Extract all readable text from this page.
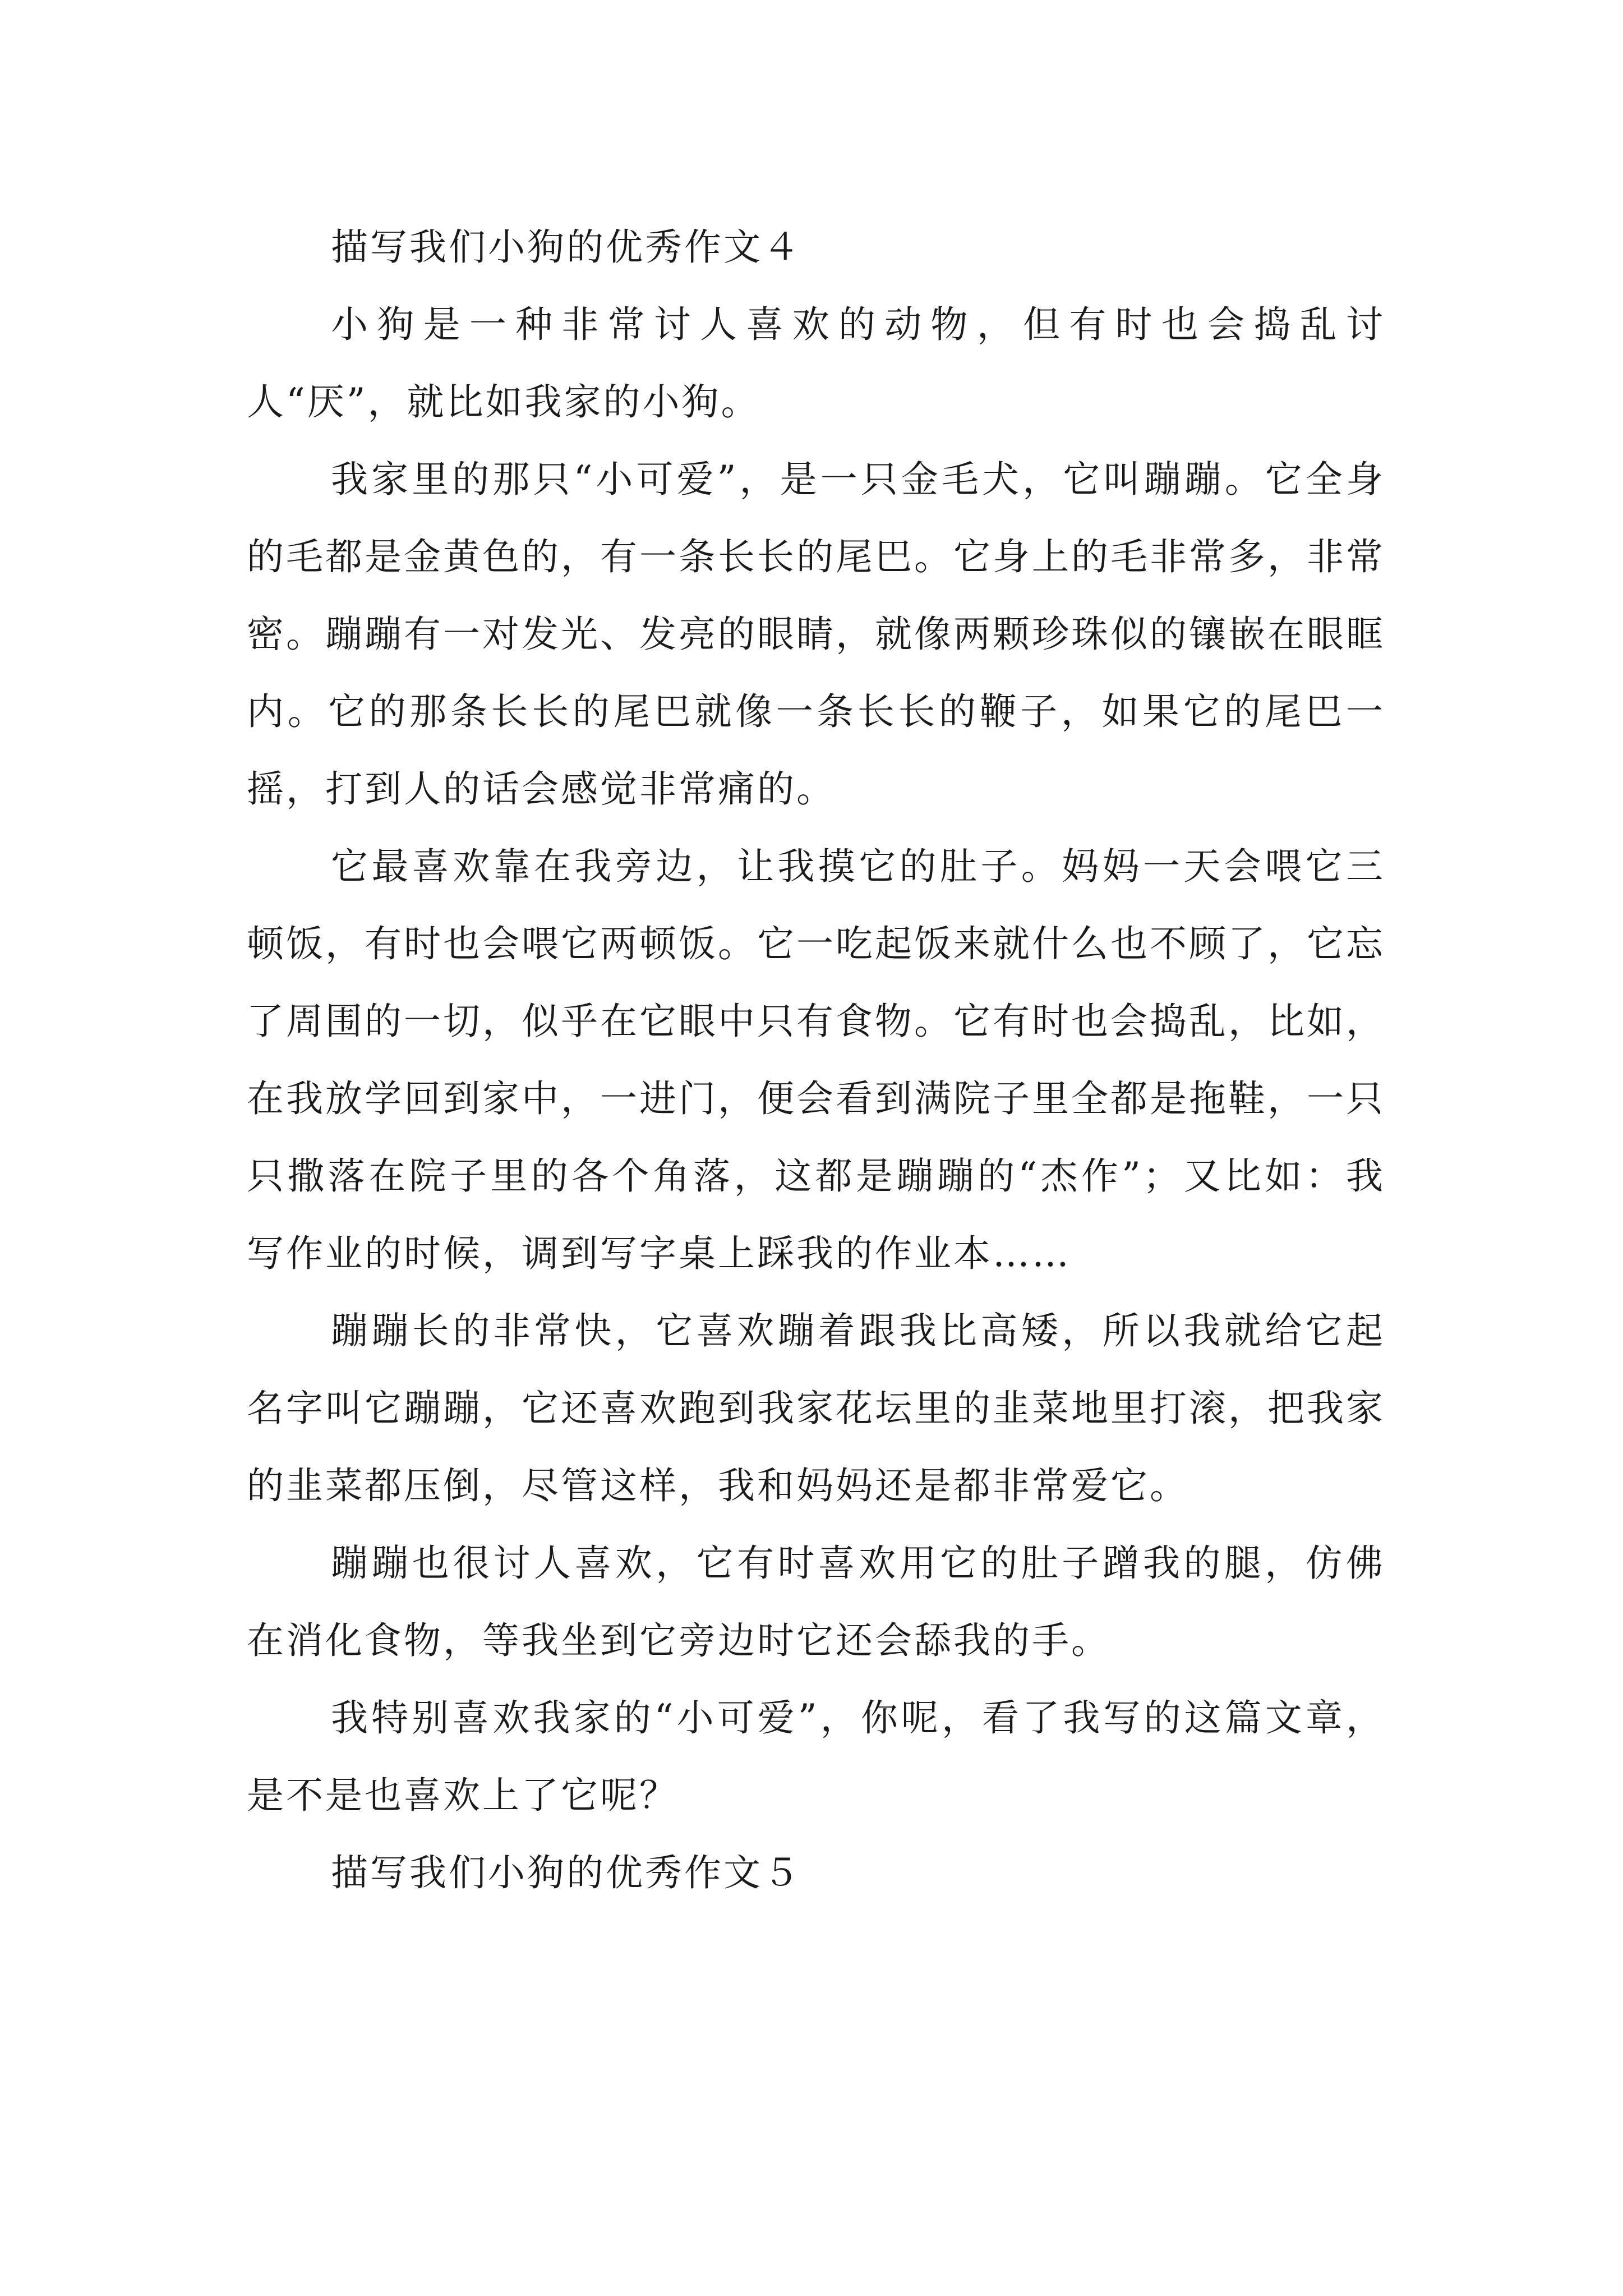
描写我们小狗的优秀作文４

小狗是一种非常讨人喜欢的动物，但有时也会捣乱讨人“厌”，就比如我家的小狗。

我家里的那只“小可爱”，是一只金毛犬，它叫蹦蹦。它全身的毛都是金黄色的，有一条长长的尾巴。它身上的毛非常多，非常密。蹦蹦有一对发光、发亮的眼睛，就像两颗珍珠似的镶嵌在眼眶内。它的那条长长的尾巴就像一条长长的鞭子，如果它的尾巴一摇，打到人的话会感觉非常痛的。

它最喜欢靠在我旁边，让我摸它的肚子。妈妈一天会喂它三顿饭，有时也会喂它两顿饭。它一吃起饭来就什么也不顾了，它忘了周围的一切，似乎在它眼中只有食物。它有时也会捣乱，比如，在我放学回到家中，一进门，便会看到满院子里全都是拖鞋，一只只撒落在院子里的各个角落，这都是蹦蹦的“杰作”；又比如：我写作业的时候，调到写字桌上踩我的作业本……

蹦蹦长的非常快，它喜欢蹦着跟我比高矮，所以我就给它起名字叫它蹦蹦，它还喜欢跑到我家花坛里的韭菜地里打滚，把我家的韭菜都压倒，尽管这样，我和妈妈还是都非常爱它。

蹦蹦也很讨人喜欢，它有时喜欢用它的肚子蹭我的腿，仿佛在消化食物，等我坐到它旁边时它还会舔我的手。

我特别喜欢我家的“小可爱”，你呢，看了我写的这篇文章，是不是也喜欢上了它呢？

描写我们小狗的优秀作文５
